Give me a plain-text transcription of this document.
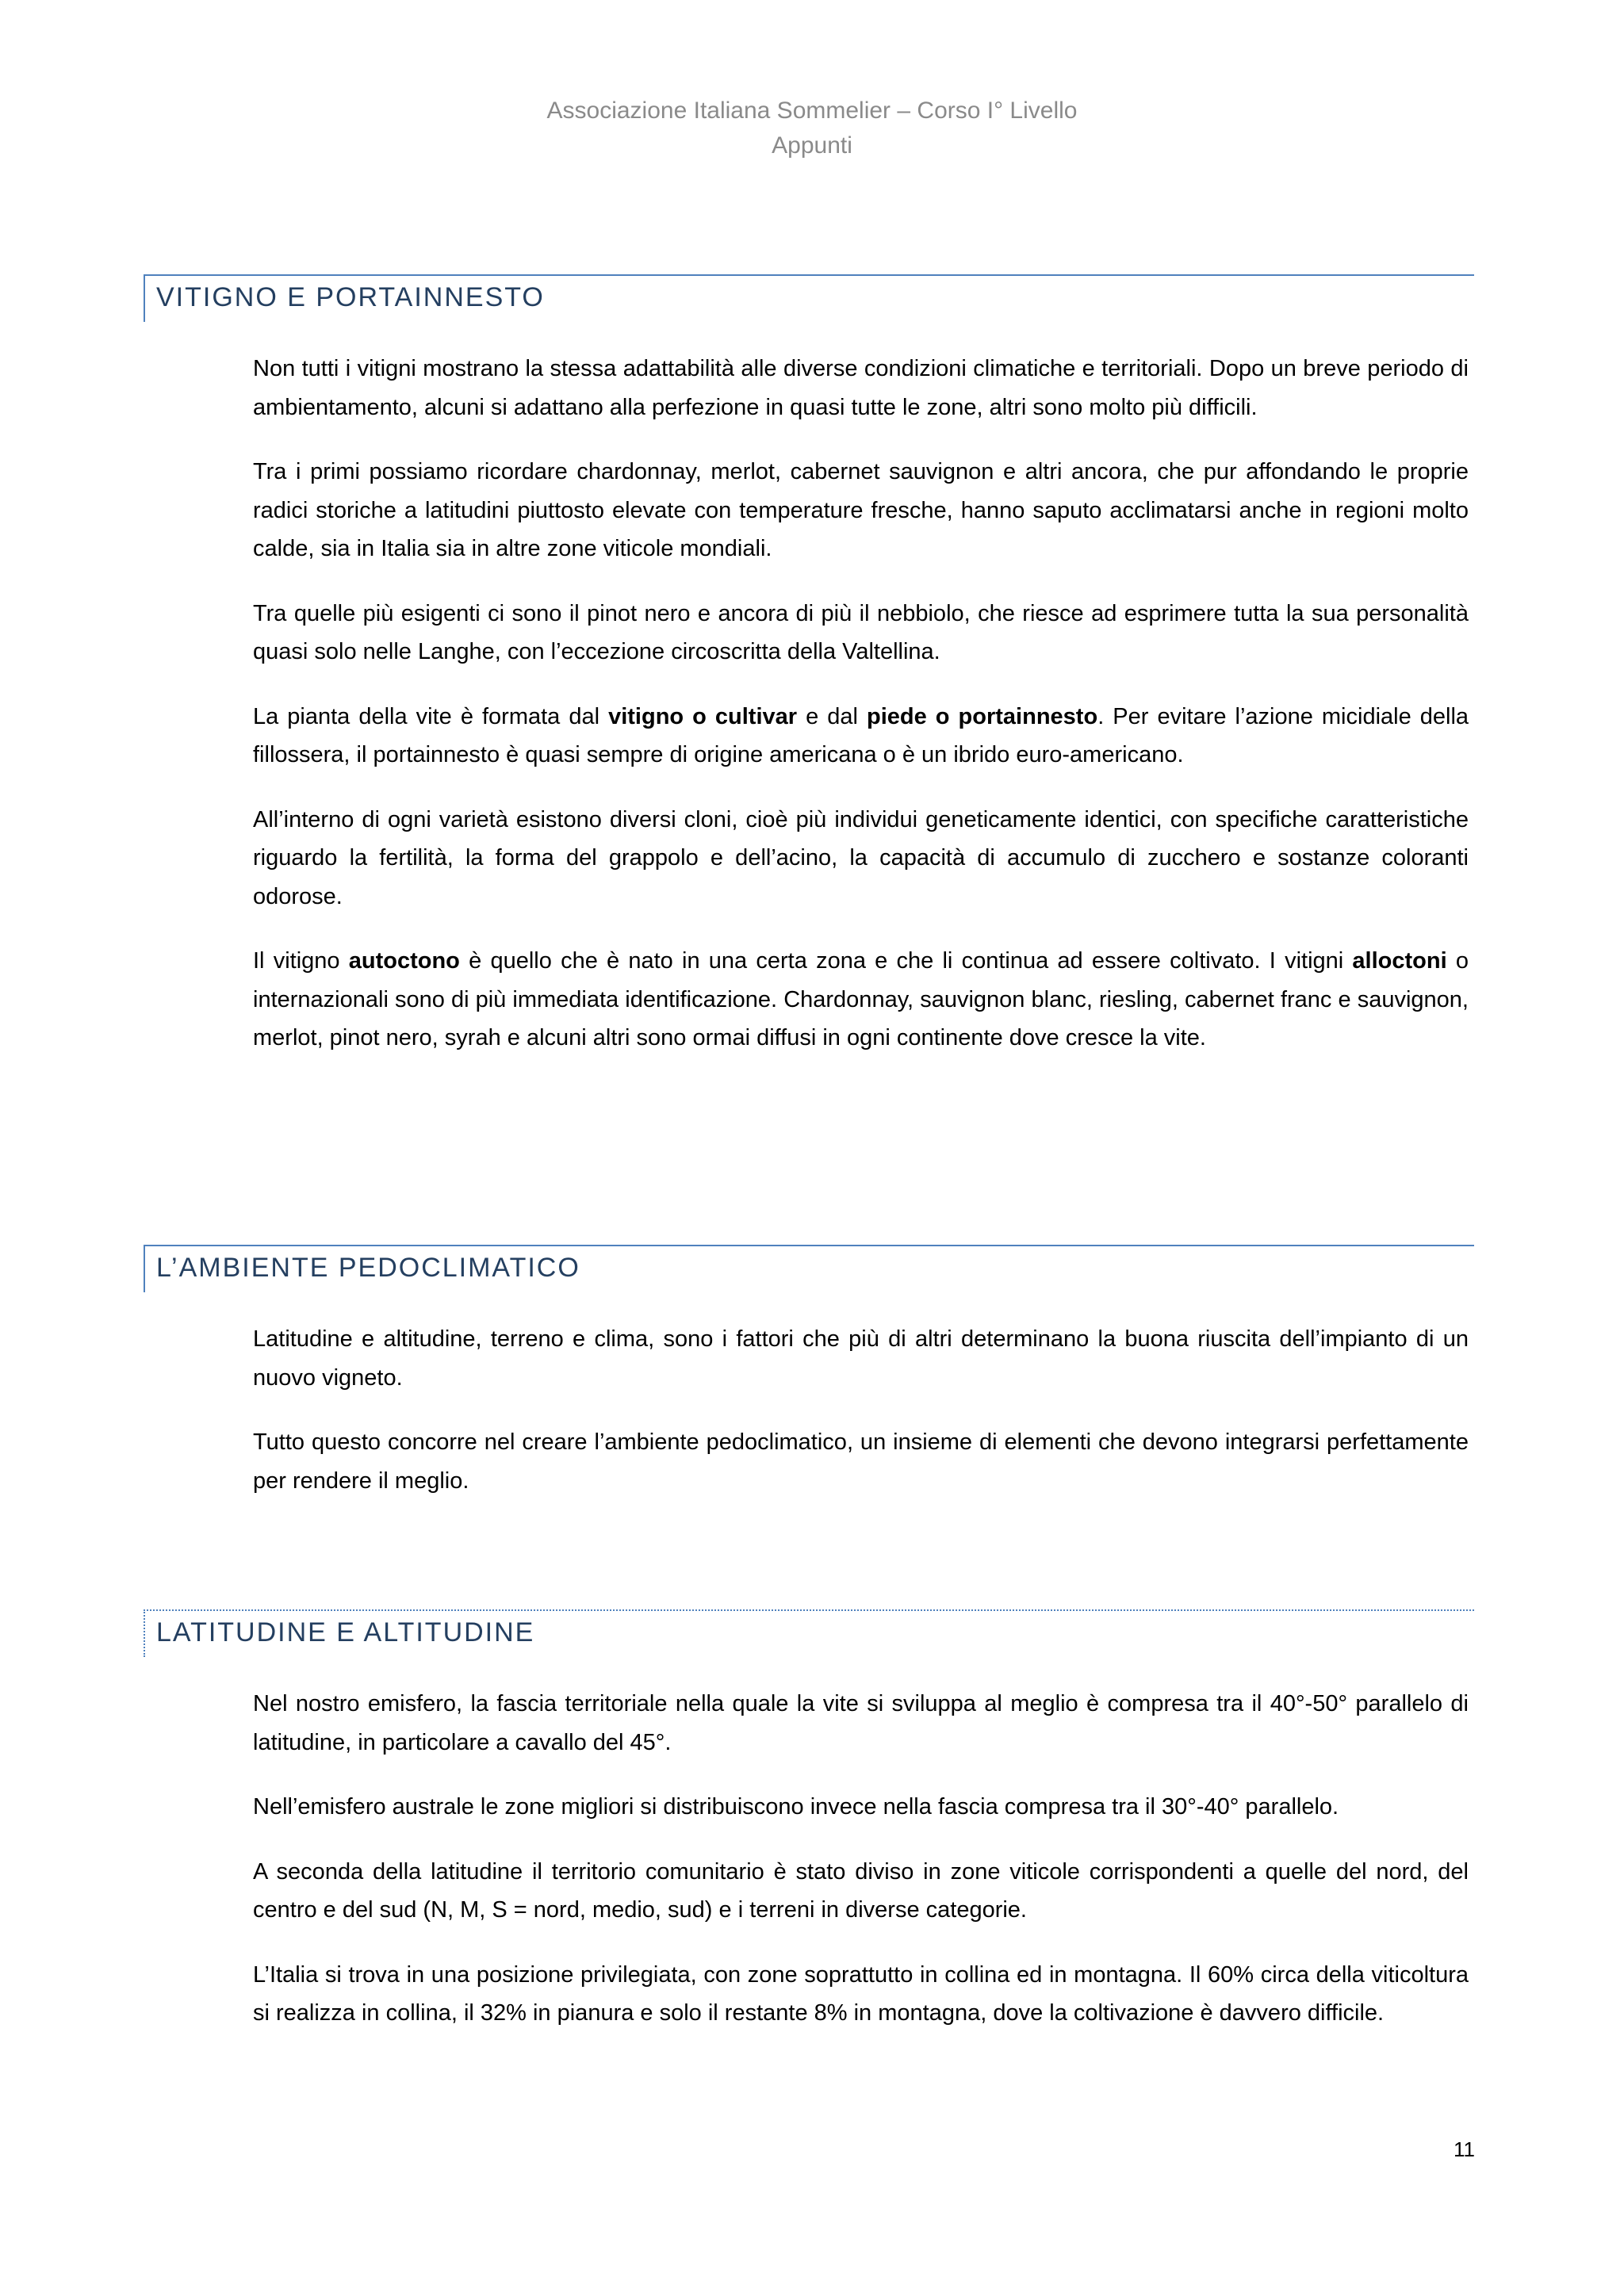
Associazione Italiana Sommelier – Corso I° Livello
Appunti
VITIGNO E PORTAINNESTO

Non tutti i vitigni mostrano la stessa adattabilità alle diverse condizioni climatiche e territoriali. Dopo un breve periodo di ambientamento, alcuni si adattano alla perfezione in quasi tutte le zone, altri sono molto più difficili.

Tra i primi possiamo ricordare chardonnay, merlot, cabernet sauvignon e altri ancora, che pur affondando le proprie radici storiche a latitudini piuttosto elevate con temperature fresche, hanno saputo acclimatarsi anche in regioni molto calde, sia in Italia sia in altre zone viticole mondiali.

Tra quelle più esigenti ci sono il pinot nero e ancora di più il nebbiolo, che riesce ad esprimere tutta la sua personalità quasi solo nelle Langhe, con l’eccezione circoscritta della Valtellina.

La pianta della vite è formata dal vitigno o cultivar e dal piede o portainnesto. Per evitare l’azione micidiale della fillossera, il portainnesto è quasi sempre di origine americana o è un ibrido euro-americano.

All’interno di ogni varietà esistono diversi cloni, cioè più individui geneticamente identici, con specifiche caratteristiche riguardo la fertilità, la forma del grappolo e dell’acino, la capacità di accumulo di zucchero e sostanze coloranti odorose.

Il vitigno autoctono è quello che è nato in una certa zona e che li continua ad essere coltivato. I vitigni alloctoni o internazionali sono di più immediata identificazione. Chardonnay, sauvignon blanc, riesling, cabernet franc e sauvignon, merlot, pinot nero, syrah e alcuni altri sono ormai diffusi in ogni continente dove cresce la vite.

L’AMBIENTE PEDOCLIMATICO

Latitudine e altitudine, terreno e clima, sono i fattori che più di altri determinano la buona riuscita dell’impianto di un nuovo vigneto.

Tutto questo concorre nel creare l’ambiente pedoclimatico, un insieme di elementi che devono integrarsi perfettamente per rendere il meglio.

LATITUDINE E ALTITUDINE

Nel nostro emisfero, la fascia territoriale nella quale la vite si sviluppa al meglio è compresa tra il 40°-50° parallelo di latitudine, in particolare a cavallo del 45°.

Nell’emisfero australe le zone migliori si distribuiscono invece nella fascia compresa tra il 30°-40° parallelo.

A seconda della latitudine il territorio comunitario è stato diviso in zone viticole corrispondenti a quelle del nord, del centro e del sud (N, M, S = nord, medio, sud) e i terreni in diverse categorie.

L’Italia si trova in una posizione privilegiata, con zone soprattutto in collina ed in montagna. Il 60% circa della viticoltura si realizza in collina, il 32% in pianura e solo il restante 8% in montagna, dove la coltivazione è davvero difficile.

11
